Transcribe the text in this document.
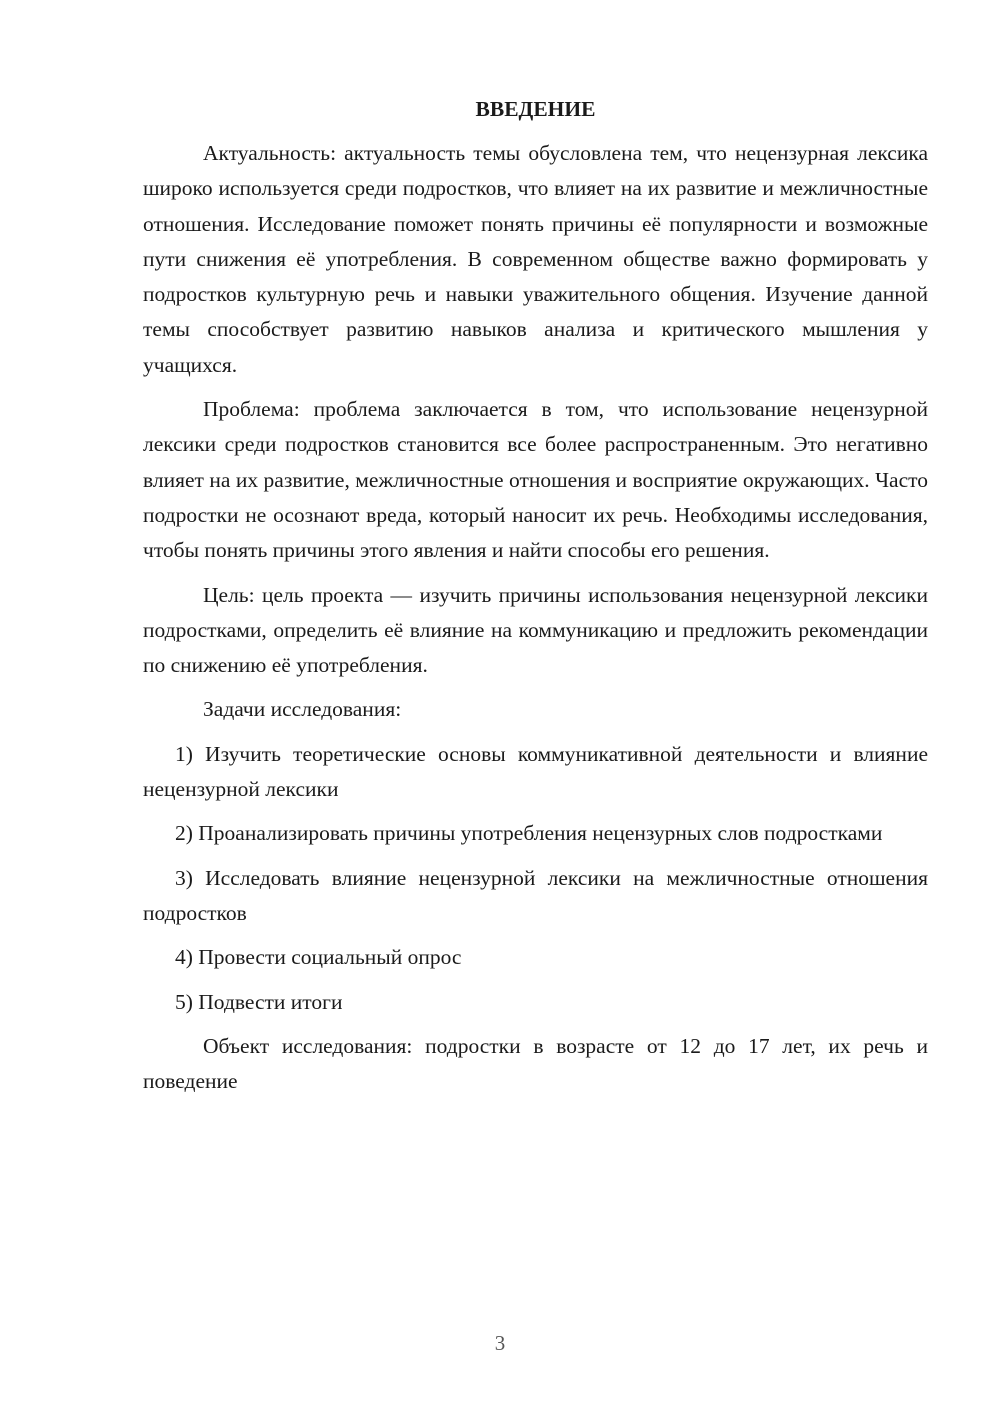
ВВЕДЕНИЕ

Актуальность: актуальность темы обусловлена тем, что нецензурная лексика широко используется среди подростков, что влияет на их развитие и межличностные отношения. Исследование поможет понять причины её популярности и возможные пути снижения её употребления. В современном обществе важно формировать у подростков культурную речь и навыки уважительного общения. Изучение данной темы способствует развитию навыков анализа и критического мышления у учащихся.

Проблема: проблема заключается в том, что использование нецензурной лексики среди подростков становится все более распространенным. Это негативно влияет на их развитие, межличностные отношения и восприятие окружающих. Часто подростки не осознают вреда, который наносит их речь. Необходимы исследования, чтобы понять причины этого явления и найти способы его решения.

Цель: цель проекта — изучить причины использования нецензурной лексики подростками, определить её влияние на коммуникацию и предложить рекомендации по снижению её употребления.

Задачи исследования:

1) Изучить теоретические основы коммуникативной деятельности и влияние нецензурной лексики

2) Проанализировать причины употребления нецензурных слов подростками

3) Исследовать влияние нецензурной лексики на межличностные отношения подростков

4) Провести социальный опрос

5) Подвести итоги

Объект исследования: подростки в возрасте от 12 до 17 лет, их речь и поведение

3
